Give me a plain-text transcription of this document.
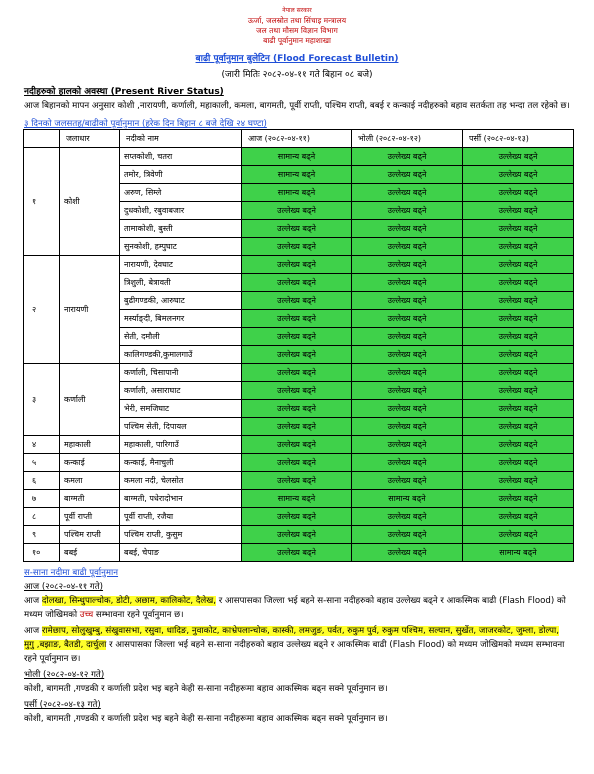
नेपाल सरकार
ऊर्जा, जलस्रोत तथा सिंचाइ मन्त्रालय
जल तथा मौसम विज्ञान विभाग
बाढी पूर्वानुमान महाशाखा
बाढी पूर्वानुमान बुलेटिन (Flood Forecast Bulletin)
(जारी मितिः २०८२-०४-११ गते बिहान ०८ बजे)
नदीहरुको हालको अवस्था (Present River Status)
आज बिहानको मापन अनुसार कोशी ,नारायणी, कर्णाली, महाकाली, कमला, बागमती, पूर्वी राप्ती, पश्चिम राप्ती, बबई र कन्काई नदीहरुको बहाव सतर्कता तह भन्दा तल रहेको छ।
३ दिनको जलसतह/बाढीको पूर्वानुमान (हरेक दिन बिहान ८ बजे देखि २४ घण्टा)
	जलाधार	नदीको नाम	आज (२०८२-०४-११)	भोली (२०८२-०४-१२)	पर्सी (२०८२-०४-१३)
१	कोशी	सप्तकोशी, चतरा	सामान्य बढ्ने	उल्लेख्य बढ्ने	उल्लेख्य बढ्ने
		तमोर, त्रिवेणी	सामान्य बढ्ने	उल्लेख्य बढ्ने	उल्लेख्य बढ्ने
		अरुण, सिम्ले	सामान्य बढ्ने	उल्लेख्य बढ्ने	उल्लेख्य बढ्ने
		दुधकोशी, रबुवाबजार	उल्लेख्य बढ्ने	उल्लेख्य बढ्ने	उल्लेख्य बढ्ने
		तामाकोशी, बुस्ती	उल्लेख्य बढ्ने	उल्लेख्य बढ्ने	उल्लेख्य बढ्ने
		सुनकोशी, हम्पुघाट	उल्लेख्य बढ्ने	उल्लेख्य बढ्ने	उल्लेख्य बढ्ने
२	नारायणी	नारायणी, देवघाट	उल्लेख्य बढ्ने	उल्लेख्य बढ्ने	उल्लेख्य बढ्ने
		त्रिशुली, बेत्रावती	उल्लेख्य बढ्ने	उल्लेख्य बढ्ने	उल्लेख्य बढ्ने
		बुढीगण्डकी, आरुघाट	उल्लेख्य बढ्ने	उल्लेख्य बढ्ने	उल्लेख्य बढ्ने
		मर्स्याङ्दी, बिमलनगर	उल्लेख्य बढ्ने	उल्लेख्य बढ्ने	उल्लेख्य बढ्ने
		सेती, दमौली	उल्लेख्य बढ्ने	उल्लेख्य बढ्ने	उल्लेख्य बढ्ने
		कालिगण्डकी,कुमालगाउँ	उल्लेख्य बढ्ने	उल्लेख्य बढ्ने	उल्लेख्य बढ्ने
३	कर्णाली	कर्णाली, चिसापानी	उल्लेख्य बढ्ने	उल्लेख्य बढ्ने	उल्लेख्य बढ्ने
		कर्णाली, असाराघाट	उल्लेख्य बढ्ने	उल्लेख्य बढ्ने	उल्लेख्य बढ्ने
		भेरी, समजिघाट	उल्लेख्य बढ्ने	उल्लेख्य बढ्ने	उल्लेख्य बढ्ने
		पश्चिम सेती, दिपायल	उल्लेख्य बढ्ने	उल्लेख्य बढ्ने	उल्लेख्य बढ्ने
४	महाकाली	महाकाली, पारिगाउँ	उल्लेख्य बढ्ने	उल्लेख्य बढ्ने	उल्लेख्य बढ्ने
५	कन्काई	कन्काई, मैनाचुली	उल्लेख्य बढ्ने	उल्लेख्य बढ्ने	उल्लेख्य बढ्ने
६	कमला	कमला नदी, चेलसोत	उल्लेख्य बढ्ने	उल्लेख्य बढ्ने	उल्लेख्य बढ्ने
७	बाग्मती	बाग्मती, पधेरादोभान	सामान्य बढ्ने	सामान्य बढ्ने	उल्लेख्य बढ्ने
८	पूर्वी राप्ती	पूर्वी राप्ती, रजैया	उल्लेख्य बढ्ने	उल्लेख्य बढ्ने	उल्लेख्य बढ्ने
९	पश्चिम राप्ती	पश्चिम राप्ती, कुसुम	उल्लेख्य बढ्ने	उल्लेख्य बढ्ने	उल्लेख्य बढ्ने
१०	बबई	बबई, चेपाङ	उल्लेख्य बढ्ने	उल्लेख्य बढ्ने	सामान्य बढ्ने
स-साना नदीमा बाढी पूर्वानुमान
आज (२०८२-०४-११ गते)
आज दोलखा, सिन्धुपाल्चोक, डोटी, अछाम, कालिकोट, दैलेख, र आसपासका जिल्ला भई बहने स-साना नदीहरुको बहाव उल्लेख्य बढ्ने र आकस्मिक बाढी (Flash Flood) को मध्यम जोखिमको उच्च सम्भावना रहने पूर्वानुमान छ।
आज रामेछाप, सोलुखुम्बु, संखुवासभा, रसुवा, धादिङ, नुवाकोट, काभ्रेपलान्चोक, कास्की, लमजुङ, पर्वत, रुकुम पुर्व, रुकुम पश्चिम, सल्यान, सुर्खेत, जाजरकोट, जुम्ला, डोल्पा, मुगु ,बझाङ, बैतडी, दार्चुला र आसपासका जिल्ला भई बहने स-साना नदीहरुको बहाव उल्लेख्य बढ्ने र आकस्मिक बाढी (Flash Flood) को मध्यम जोखिमको मध्यम सम्भावना रहने पूर्वानुमान छ।
भोली (२०८२-०४-१२ गते)
कोशी, बागमती ,गण्डकी र कर्णाली प्रदेश भइ बहने केही स-साना नदीहरूमा बहाव आकस्मिक बढ्न सक्ने पूर्वानुमान छ।
पर्सी (२०८२-०४-१३ गते)
कोशी, बागमती ,गण्डकी र कर्णाली प्रदेश भइ बहने केही स-साना नदीहरूमा बहाव आकस्मिक बढ्न सक्ने पूर्वानुमान छ।
